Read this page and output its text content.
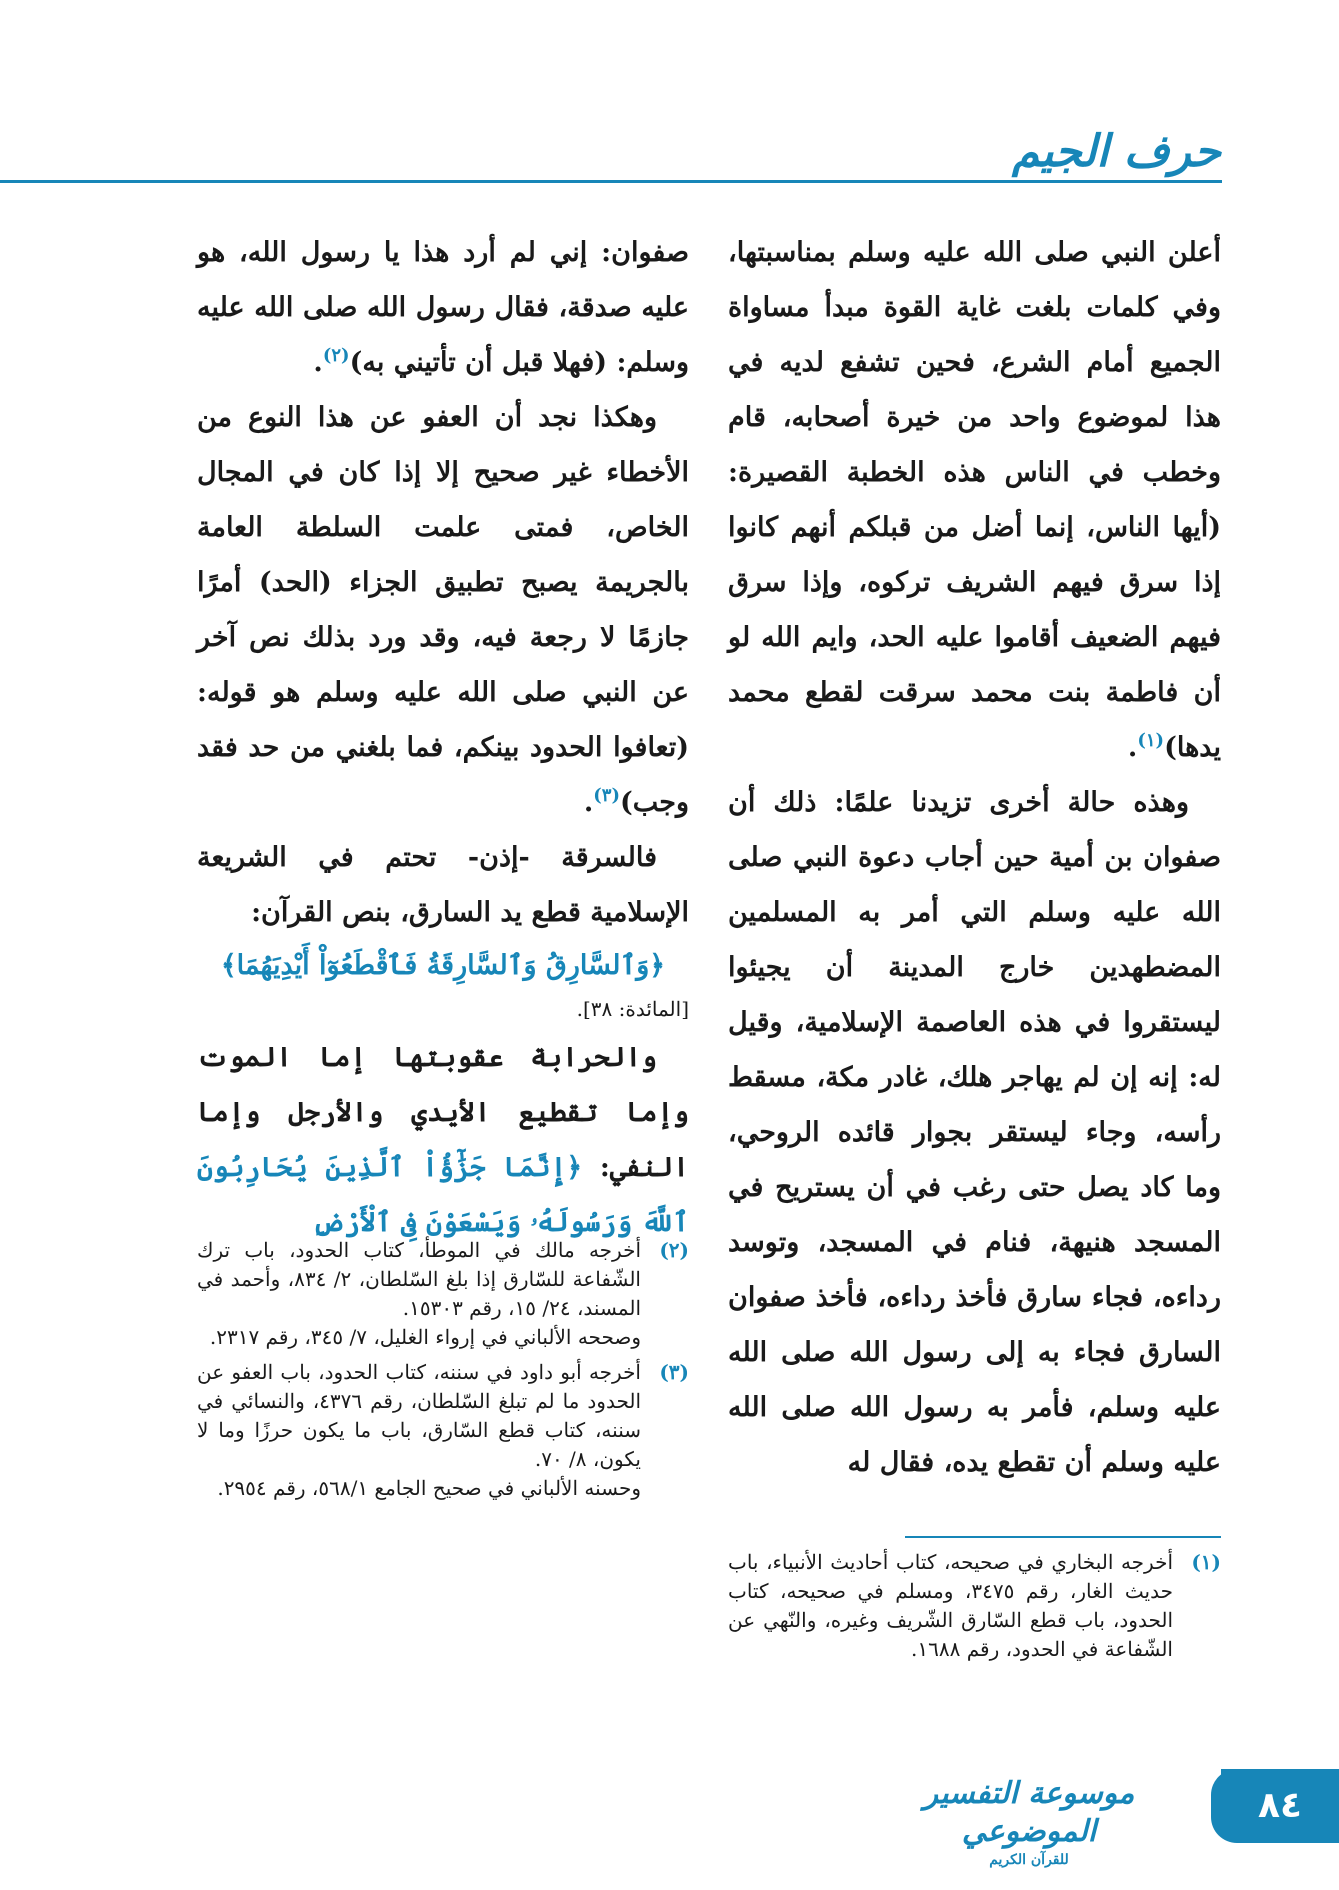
حرف الجيم

أعلن النبي صلى الله عليه وسلم بمناسبتها، وفي كلمات بلغت غاية القوة مبدأ مساواة الجميع أمام الشرع، فحين تشفع لديه في هذا لموضوع واحد من خيرة أصحابه، قام وخطب في الناس هذه الخطبة القصيرة: (أيها الناس، إنما أضل من قبلكم أنهم كانوا إذا سرق فيهم الشريف تركوه، وإذا سرق فيهم الضعيف أقاموا عليه الحد، وايم الله لو أن فاطمة بنت محمد سرقت لقطع محمد يدها)$^{(١)}$.

وهذه حالة أخرى تزيدنا علمًا: ذلك أن صفوان بن أمية حين أجاب دعوة النبي صلى الله عليه وسلم التي أمر به المسلمين المضطهدين خارج المدينة أن يجيئوا ليستقروا في هذه العاصمة الإسلامية، وقيل له: إنه إن لم يهاجر هلك، غادر مكة، مسقط رأسه، وجاء ليستقر بجوار قائده الروحي، وما كاد يصل حتى رغب في أن يستريح في المسجد هنيهة، فنام في المسجد، وتوسد رداءه، فجاء سارق فأخذ رداءه، فأخذ صفوان السارق فجاء به إلى رسول الله صلى الله عليه وسلم، فأمر به رسول الله صلى الله عليه وسلم أن تقطع يده، فقال له

صفوان: إني لم أرد هذا يا رسول الله، هو عليه صدقة، فقال رسول الله صلى الله عليه وسلم: (فهلا قبل أن تأتيني به)$^{(٢)}$.

وهكذا نجد أن العفو عن هذا النوع من الأخطاء غير صحيح إلا إذا كان في المجال الخاص، فمتى علمت السلطة العامة بالجريمة يصبح تطبيق الجزاء (الحد) أمرًا جازمًا لا رجعة فيه، وقد ورد بذلك نص آخر عن النبي صلى الله عليه وسلم هو قوله: (تعافوا الحدود بينكم، فما بلغني من حد فقد وجب)$^{(٣)}$.

فالسرقة -إذن- تحتم في الشريعة الإسلامية قطع يد السارق، بنص القرآن:

﴿وَٱلسَّارِقُ وَٱلسَّارِقَةُ فَٱقْطَعُوٓاْ أَيْدِيَهُمَا﴾

[المائدة: ٣٨].

والحرابة عقوبتها إما الموت وإما تقطيع الأيدي والأرجل وإما النفي: ﴿إِنَّمَا جَزَٰٓؤُاْ ٱلَّذِينَ يُحَارِبُونَ ٱللَّهَ وَرَسُولَهُۥ وَيَسْعَوْنَ فِى ٱلْأَرْضِ

(٢)
أخرجه مالك في الموطأ، كتاب الحدود، باب ترك الشّفاعة للسّارق إذا بلغ السّلطان، ٢/ ٨٣٤، وأحمد في المسند، ٢٤/ ١٥، رقم ١٥٣٠٣.
وصححه الألباني في إرواء الغليل، ٧/ ٣٤٥، رقم ٢٣١٧.
(٣)
أخرجه أبو داود في سننه، كتاب الحدود، باب العفو عن الحدود ما لم تبلغ السّلطان، رقم ٤٣٧٦، والنسائي في سننه، كتاب قطع السّارق، باب ما يكون حرزًا وما لا يكون، ٨/ ٧٠.
وحسنه الألباني في صحيح الجامع ٥٦٨/١، رقم ٢٩٥٤.
(١)
أخرجه البخاري في صحيحه، كتاب أحاديث الأنبياء، باب حديث الغار، رقم ٣٤٧٥، ومسلم في صحيحه، كتاب الحدود، باب قطع السّارق الشّريف وغيره، والنّهي عن الشّفاعة في الحدود، رقم ١٦٨٨.
٨٤
موسوعة التفسير الموضوعي
للقرآن الكريم
